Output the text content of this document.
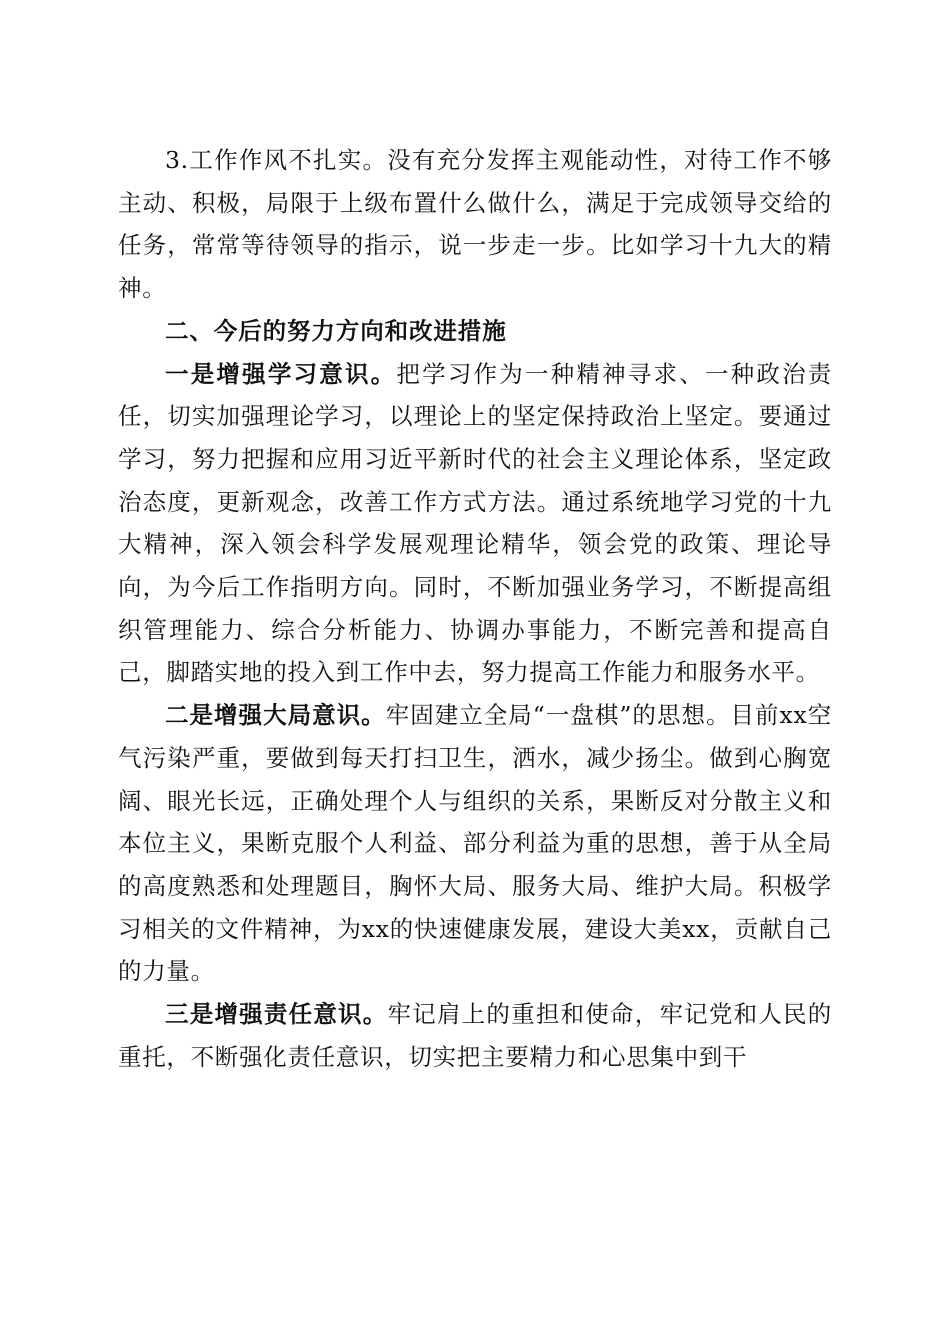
3.工作作风不扎实。没有充分发挥主观能动性，对待工作不够主动、积极，局限于上级布置什么做什么，满足于完成领导交给的任务，常常等待领导的指示，说一步走一步。比如学习十九大的精神。

二、今后的努力方向和改进措施

一是增强学习意识。把学习作为一种精神寻求、一种政治责任，切实加强理论学习，以理论上的坚定保持政治上坚定。要通过学习，努力把握和应用习近平新时代的社会主义理论体系，坚定政治态度，更新观念，改善工作方式方法。通过系统地学习党的十九大精神，深入领会科学发展观理论精华，领会党的政策、理论导向，为今后工作指明方向。同时，不断加强业务学习，不断提高组织管理能力、综合分析能力、协调办事能力，不断完善和提高自己，脚踏实地的投入到工作中去，努力提高工作能力和服务水平。

二是增强大局意识。牢固建立全局“一盘棋”的思想。目前xx空气污染严重，要做到每天打扫卫生，洒水，减少扬尘。做到心胸宽阔、眼光长远，正确处理个人与组织的关系，果断反对分散主义和本位主义，果断克服个人利益、部分利益为重的思想，善于从全局的高度熟悉和处理题目，胸怀大局、服务大局、维护大局。积极学习相关的文件精神，为xx的快速健康发展，建设大美xx，贡献自己的力量。

三是增强责任意识。牢记肩上的重担和使命，牢记党和人民的重托，不断强化责任意识，切实把主要精力和心思集中到干
